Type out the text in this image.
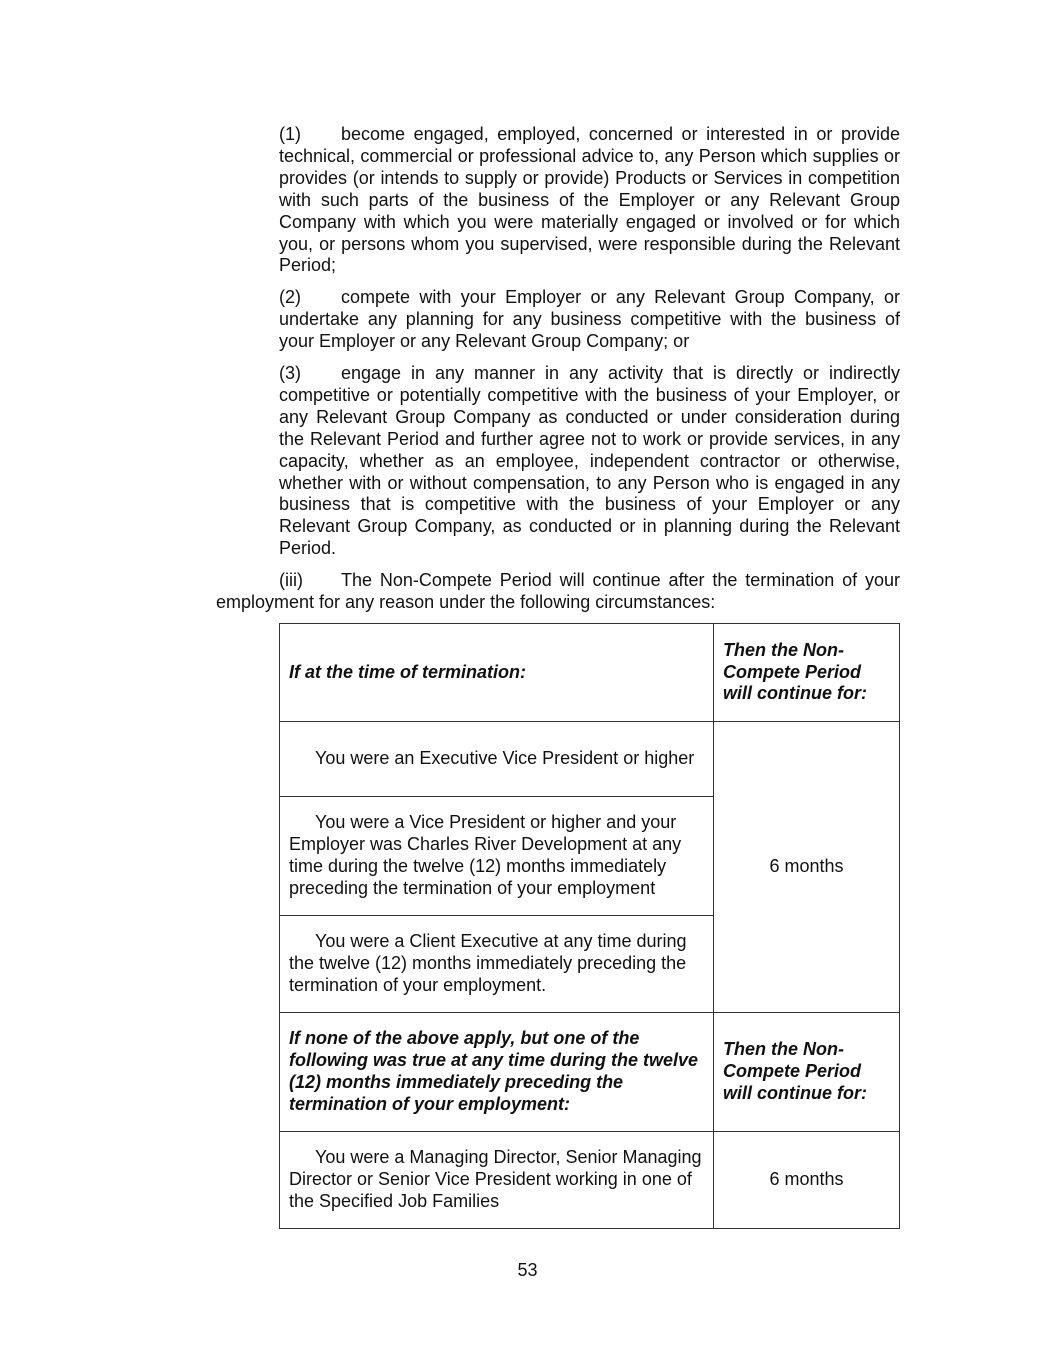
(1) become engaged, employed, concerned or interested in or provide technical, commercial or professional advice to, any Person which supplies or provides (or intends to supply or provide) Products or Services in competition with such parts of the business of the Employer or any Relevant Group Company with which you were materially engaged or involved or for which you, or persons whom you supervised, were responsible during the Relevant Period;

(2) compete with your Employer or any Relevant Group Company, or undertake any planning for any business competitive with the business of your Employer or any Relevant Group Company; or

(3) engage in any manner in any activity that is directly or indirectly competitive or potentially competitive with the business of your Employer, or any Relevant Group Company as conducted or under consideration during the Relevant Period and further agree not to work or provide services, in any capacity, whether as an employee, independent contractor or otherwise, whether with or without compensation, to any Person who is engaged in any business that is competitive with the business of your Employer or any Relevant Group Company, as conducted or in planning during the Relevant Period.

(iii) The Non-Compete Period will continue after the termination of your employment for any reason under the following circumstances:

If at the time of termination:	Then the Non-Compete Period will continue for:

You were an Executive Vice President or higher	6 months

You were a Vice President or higher and your Employer was Charles River Development at any time during the twelve (12) months immediately preceding the termination of your employment	

You were a Client Executive at any time during the twelve (12) months immediately preceding the termination of your employment.	

If none of the above apply, but one of the following was true at any time during the twelve (12) months immediately preceding the termination of your employment:	Then the Non-Compete Period will continue for:

You were a Managing Director, Senior Managing Director or Senior Vice President working in one of the Specified Job Families	6 months
53
